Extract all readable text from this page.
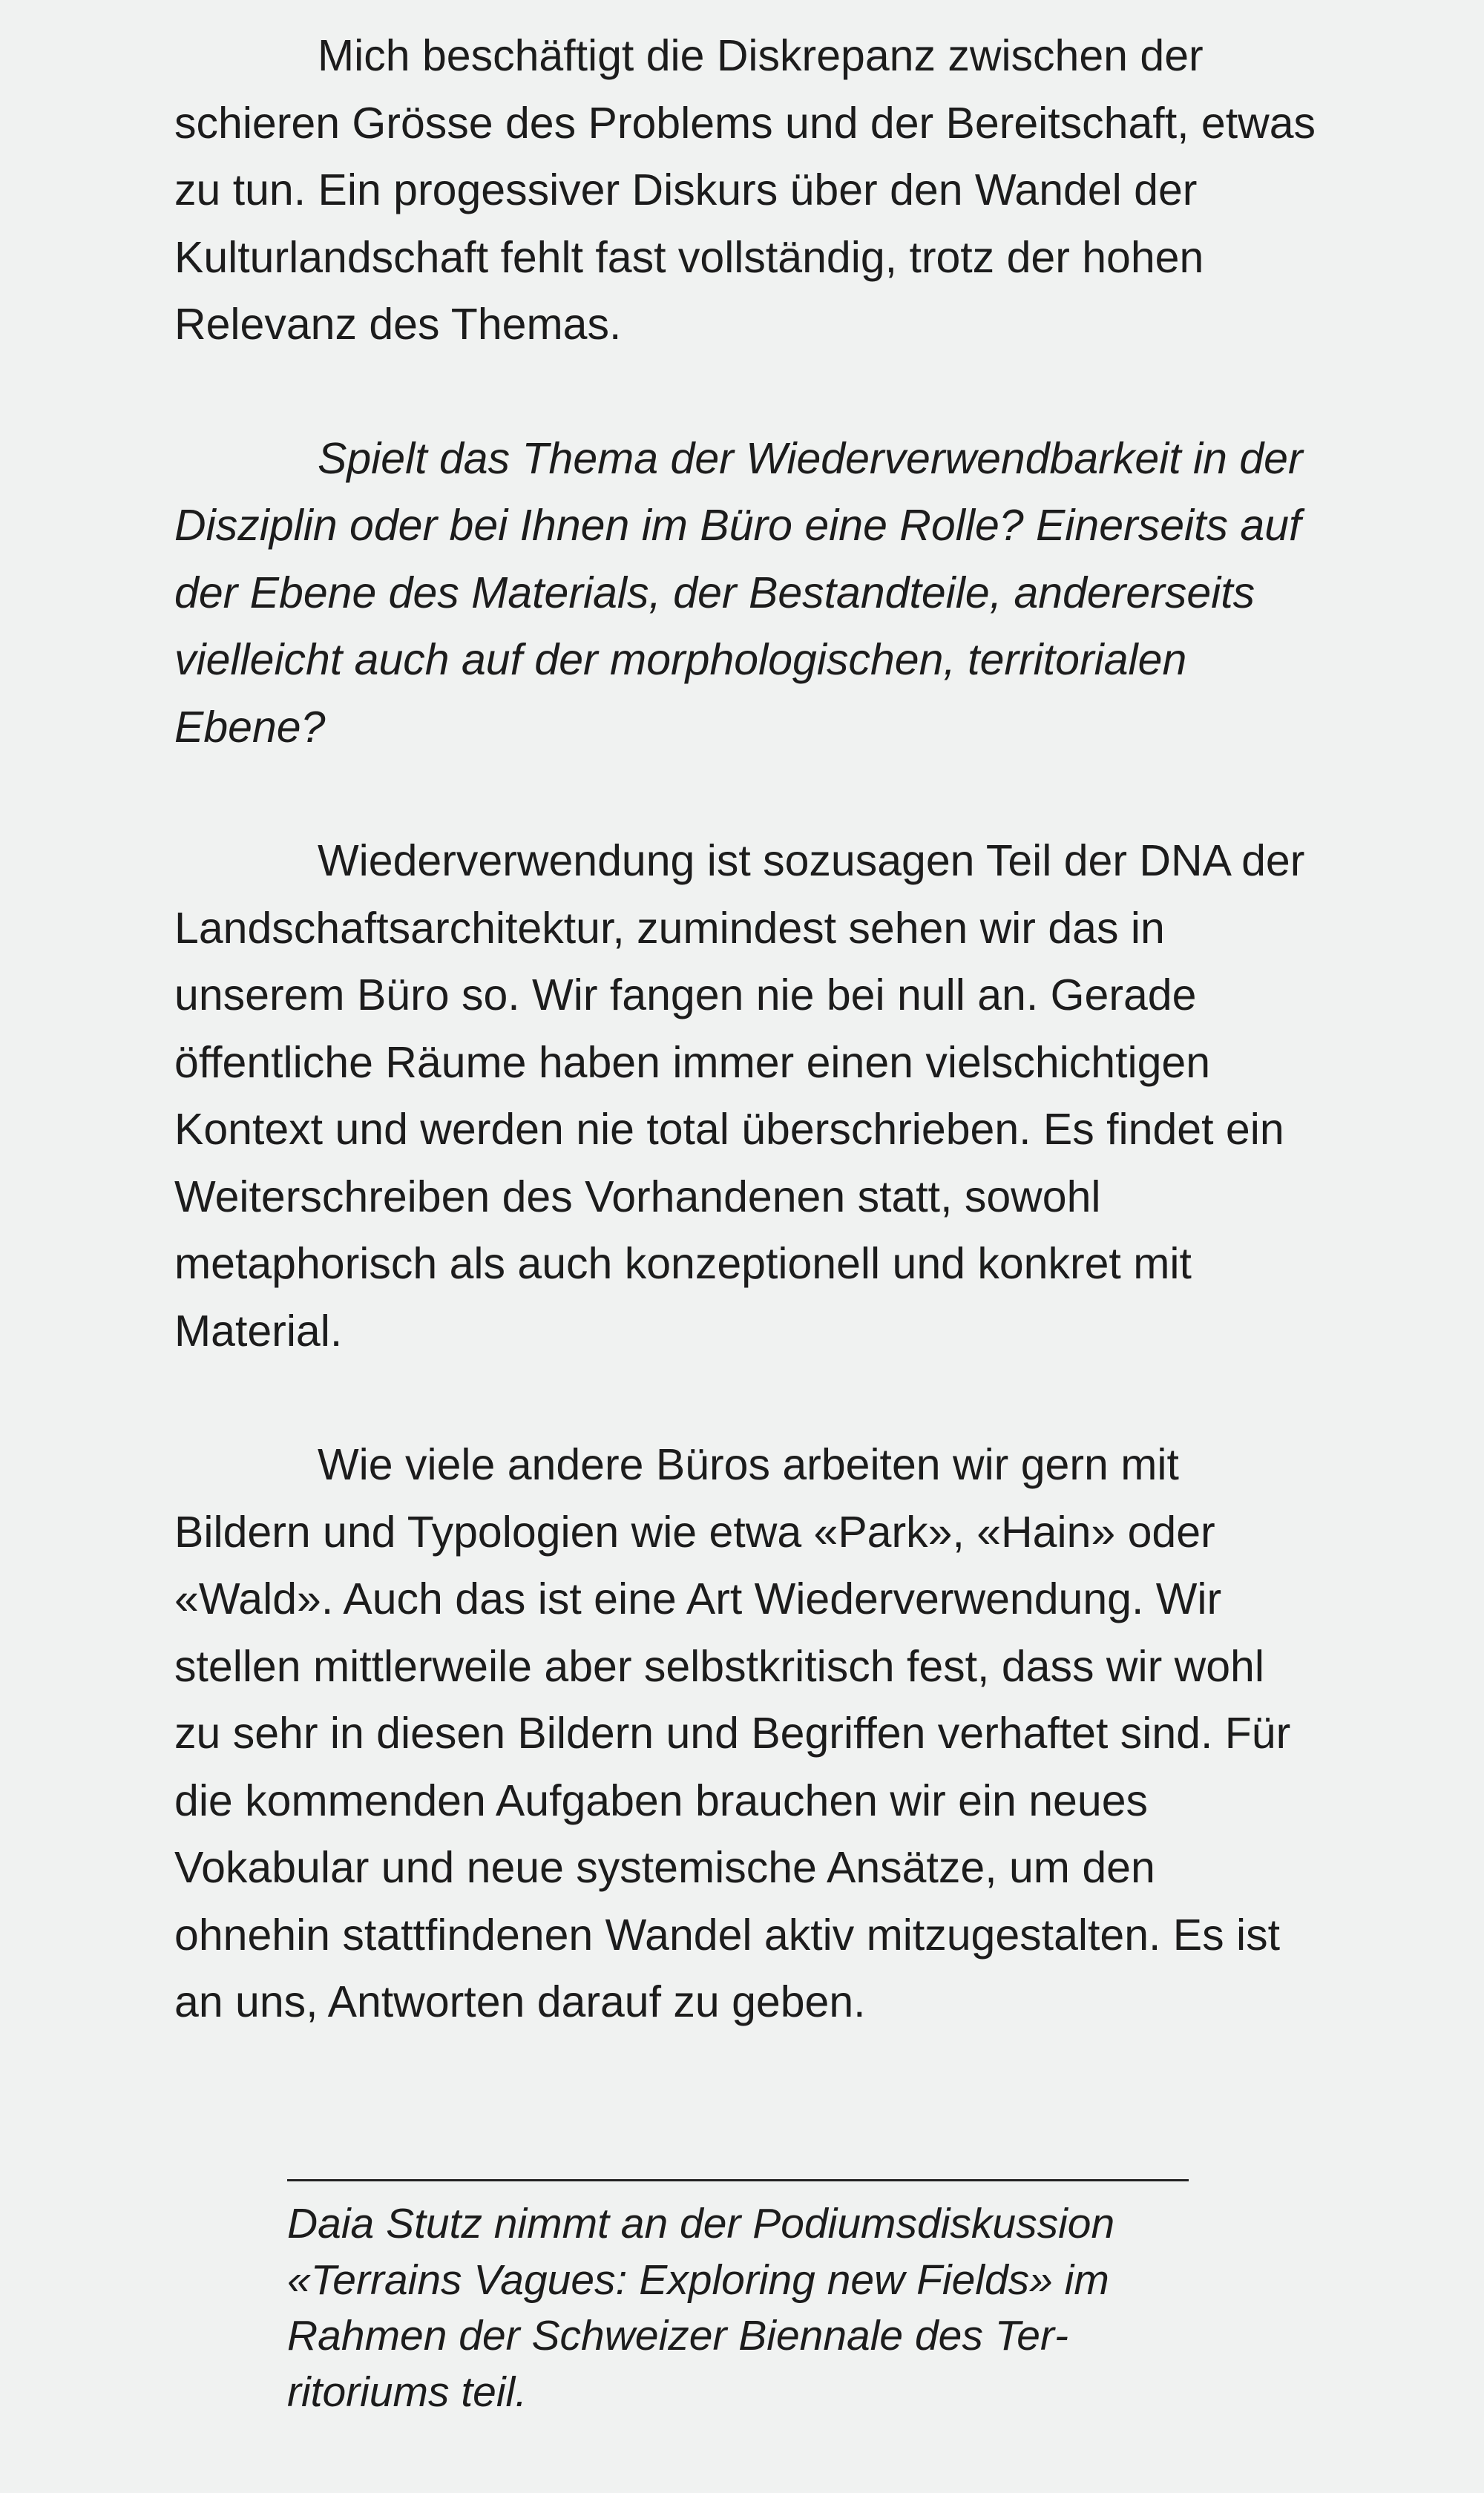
Mich beschäftigt die Diskrepanz zwischen der schieren Grösse des Problems und der Bereitschaft, etwas zu tun. Ein progessiver Diskurs über den Wandel der Kulturlandschaft fehlt fast vollständig, trotz der hohen Relevanz des Themas.

Spielt das Thema der Wiederverwendbarkeit in der Disziplin oder bei Ihnen im Büro eine Rolle? Einerseits auf der Ebene des Materials, der Bestandteile, andererseits vielleicht auch auf der morphologischen, territorialen Ebene?

Wiederverwendung ist sozusagen Teil der DNA der Landschaftsarchitektur, zumindest sehen wir das in unserem Büro so. Wir fangen nie bei null an. Gerade öffentliche Räume haben immer einen vielschichtigen Kontext und werden nie total überschrieben. Es findet ein Weiterschreiben des Vorhandenen statt, sowohl metaphorisch als auch konzeptionell und konkret mit Material.

Wie viele andere Büros arbeiten wir gern mit Bildern und Typologien wie etwa «Park», «Hain» oder «Wald». Auch das ist eine Art Wiederverwendung. Wir stellen mittlerweile aber selbstkritisch fest, dass wir wohl zu sehr in diesen Bildern und Begriffen verhaftet sind. Für die kommenden Aufgaben brauchen wir ein neues Vokabular und neue systemische Ansätze, um den ohnehin stattfindenen Wandel aktiv mitzugestalten. Es ist an uns, Antworten darauf zu geben.

Daia Stutz nimmt an der Podiumsdiskussion «Terrains Vagues: Exploring new Fields» im Rahmen der Schweizer Biennale des Territoriums teil.
